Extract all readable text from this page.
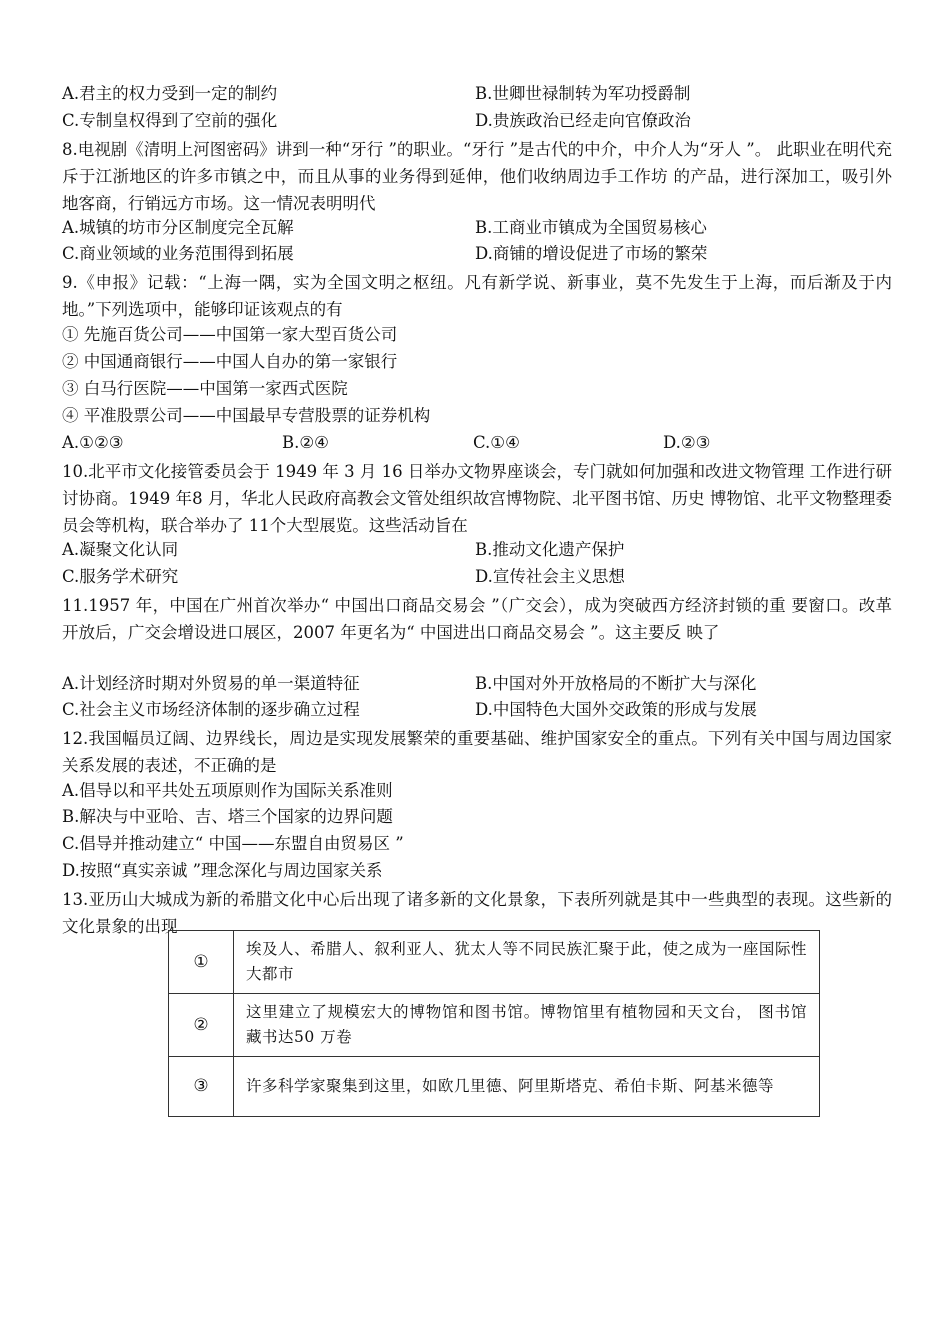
A.君主的权力受到一定的制约	B.世卿世禄制转为军功授爵制
C.专制皇权得到了空前的强化	D.贵族政治已经走向官僚政治
8.电视剧《清明上河图密码》讲到一种“牙行 ”的职业。“牙行 ”是古代的中介，中介人为“牙人 ”。 此职业在明代充斥于江浙地区的许多市镇之中，而且从事的业务得到延伸，他们收纳周边手工作坊 的产品，进行深加工，吸引外地客商，行销远方市场。这一情况表明明代
A.城镇的坊市分区制度完全瓦解	B.工商业市镇成为全国贸易核心
C.商业领域的业务范围得到拓展	D.商铺的增设促进了市场的繁荣
9.《申报》记载：“上海一隅，实为全国文明之枢纽。凡有新学说、新事业，莫不先发生于上海，而后渐及于内地。”下列选项中，能够印证该观点的有
① 先施百货公司——中国第一家大型百货公司
② 中国通商银行——中国人自办的第一家银行
③ 白马行医院——中国第一家西式医院
④ 平准股票公司——中国最早专营股票的证券机构
A.①②③	B.②④	C.①④	D.②③
10.北平市文化接管委员会于 1949 年 3 月 16 日举办文物界座谈会，专门就如何加强和改进文物管理 工作进行研讨协商。1949 年8 月，华北人民政府高教会文管处组织故宫博物院、北平图书馆、历史 博物馆、北平文物整理委员会等机构，联合举办了 11个大型展览。这些活动旨在
A.凝聚文化认同	B.推动文化遗产保护
C.服务学术研究	D.宣传社会主义思想
11.1957 年，中国在广州首次举办“ 中国出口商品交易会 ”（广交会），成为突破西方经济封锁的重 要窗口。改革开放后，广交会增设进口展区，2007 年更名为“ 中国进出口商品交易会 ”。这主要反 映了
A.计划经济时期对外贸易的单一渠道特征	B.中国对外开放格局的不断扩大与深化
C.社会主义市场经济体制的逐步确立过程	D.中国特色大国外交政策的形成与发展
12.我国幅员辽阔、边界线长，周边是实现发展繁荣的重要基础、维护国家安全的重点。下列有关中国与周边国家关系发展的表述，不正确的是
A.倡导以和平共处五项原则作为国际关系准则
B.解决与中亚哈、吉、塔三个国家的边界问题
C.倡导并推动建立“ 中国——东盟自由贸易区 ”
D.按照“真实亲诚 ”理念深化与周边国家关系
13.亚历山大城成为新的希腊文化中心后出现了诸多新的文化景象，下表所列就是其中一些典型的表现。这些新的文化景象的出现
①	埃及人、希腊人、叙利亚人、犹太人等不同民族汇聚于此，使之成为一座国际性大都市
②	这里建立了规模宏大的博物馆和图书馆。博物馆里有植物园和天文台， 图书馆藏书达50 万卷
③	许多科学家聚集到这里，如欧几里德、阿里斯塔克、希伯卡斯、阿基米德等
